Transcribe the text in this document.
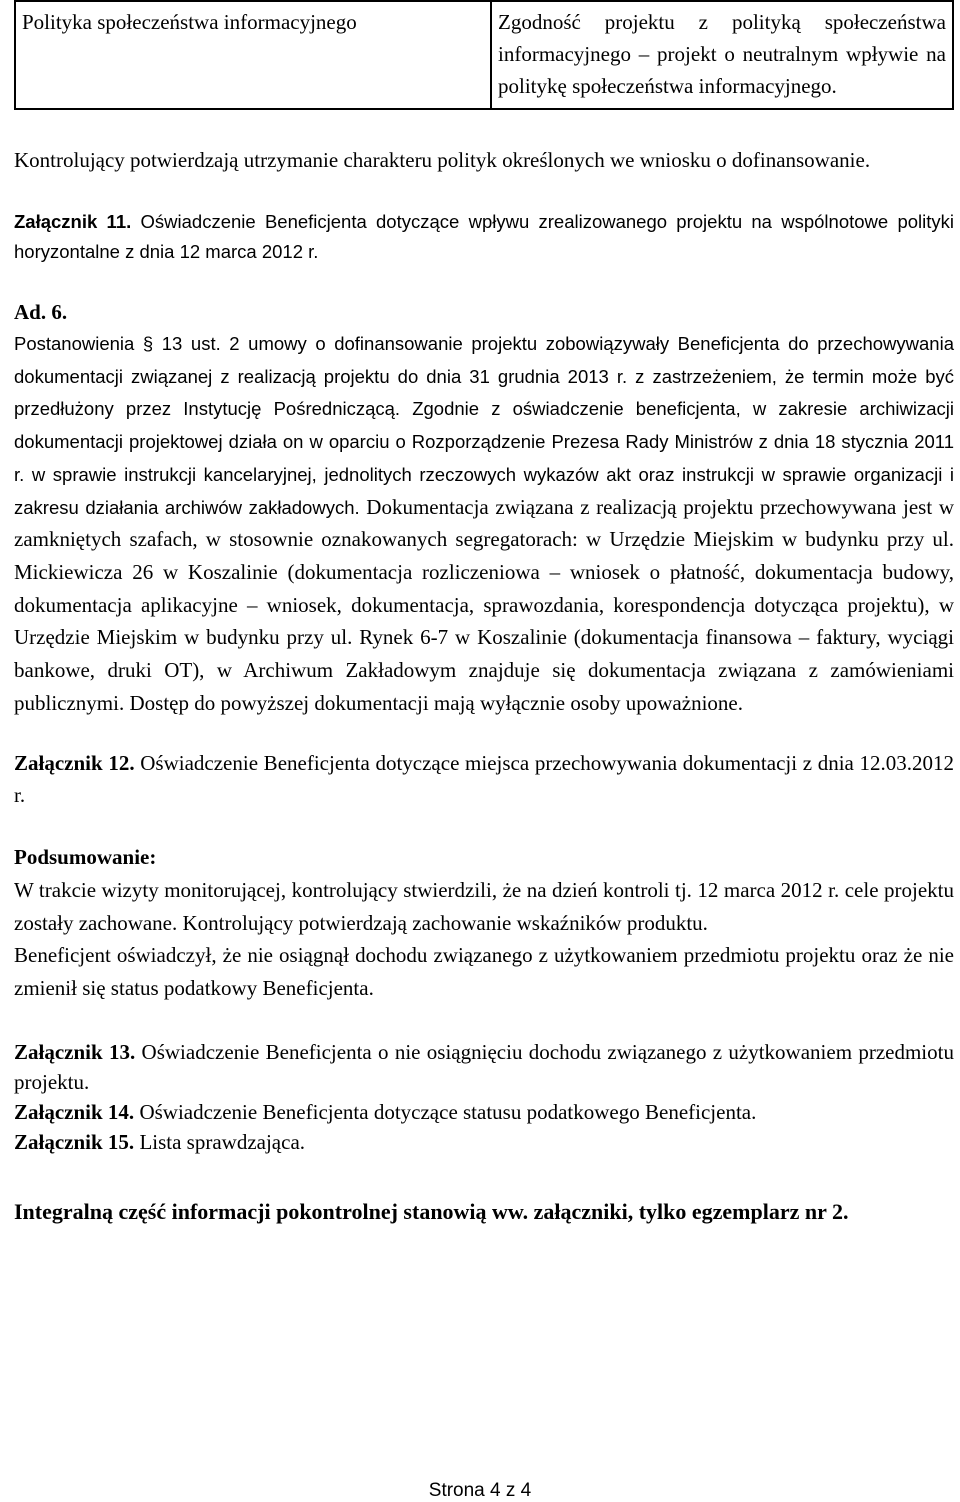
Polityka społeczeństwa informacyjnego	Zgodność projektu z polityką społeczeństwa informacyjnego – projekt o neutralnym wpływie na politykę społeczeństwa informacyjnego.

Kontrolujący potwierdzają utrzymanie charakteru polityk określonych we wniosku o dofinansowanie.

Załącznik 11. Oświadczenie Beneficjenta dotyczące wpływu zrealizowanego projektu na wspólnotowe polityki horyzontalne z dnia 12 marca 2012 r.

Ad. 6.

Postanowienia § 13 ust. 2 umowy o dofinansowanie projektu zobowiązywały Beneficjenta do przechowywania dokumentacji związanej z realizacją projektu do dnia 31 grudnia 2013 r. z zastrzeżeniem, że termin może być przedłużony przez Instytucję Pośredniczącą. Zgodnie z oświadczenie beneficjenta, w zakresie archiwizacji dokumentacji projektowej działa on w oparciu o Rozporządzenie Prezesa Rady Ministrów z dnia 18 stycznia 2011 r. w sprawie instrukcji kancelaryjnej, jednolitych rzeczowych wykazów akt oraz instrukcji w sprawie organizacji i zakresu działania archiwów zakładowych. Dokumentacja związana z realizacją projektu przechowywana jest w zamkniętych szafach, w stosownie oznakowanych segregatorach: w Urzędzie Miejskim w budynku przy ul. Mickiewicza 26 w Koszalinie (dokumentacja rozliczeniowa – wniosek o płatność, dokumentacja budowy, dokumentacja aplikacyjne – wniosek, dokumentacja, sprawozdania, korespondencja dotycząca projektu), w Urzędzie Miejskim w budynku przy ul. Rynek 6-7 w Koszalinie (dokumentacja finansowa – faktury, wyciągi bankowe, druki OT), w Archiwum Zakładowym znajduje się dokumentacja związana z zamówieniami publicznymi. Dostęp do powyższej dokumentacji mają wyłącznie osoby upoważnione.

Załącznik 12. Oświadczenie Beneficjenta dotyczące miejsca przechowywania dokumentacji z dnia 12.03.2012 r.

Podsumowanie:

W trakcie wizyty monitorującej, kontrolujący stwierdzili, że na dzień kontroli tj. 12 marca 2012 r. cele projektu zostały zachowane. Kontrolujący potwierdzają zachowanie wskaźników produktu.

Beneficjent oświadczył, że nie osiągnął dochodu związanego z użytkowaniem przedmiotu projektu oraz że nie zmienił się status podatkowy Beneficjenta.

Załącznik 13. Oświadczenie Beneficjenta o nie osiągnięciu dochodu związanego z użytkowaniem przedmiotu projektu.

Załącznik 14. Oświadczenie Beneficjenta dotyczące statusu podatkowego Beneficjenta.

Załącznik 15. Lista sprawdzająca.

Integralną część informacji pokontrolnej stanowią ww. załączniki, tylko egzemplarz nr 2.

Strona 4 z 4
